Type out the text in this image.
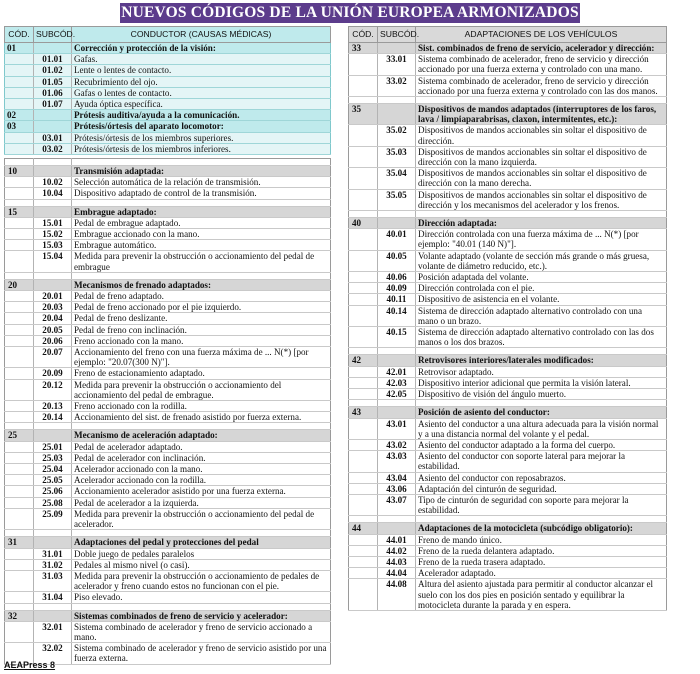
NUEVOS CÓDIGOS DE LA UNIÓN EUROPEA ARMONIZADOS
CÓD.	SUBCÓD.	CONDUCTOR (CAUSAS MÉDICAS)
01		Corrección y protección de la visión:
	01.01	Gafas.
	01.02	Lente o lentes de contacto.
	01.05	Recubrimiento del ojo.
	01.06	Gafas o lentes de contacto.
	01.07	Ayuda óptica específica.
02		Prótesis auditiva/ayuda a la comunicación.
03		Prótesis/órtesis del aparato locomotor:
	03.01	Prótesis/órtesis de los miembros superiores.
	03.02	Prótesis/órtesis de los miembros inferiores.

10		Transmisión adaptada:
	10.02	Selección automática de la relación de transmisión.
	10.04	Dispositivo adaptado de control de la transmisión.

15		Embrague adaptado:
	15.01	Pedal de embrague adaptado.
	15.02	Embrague accionado con la mano.
	15.03	Embrague automático.
	15.04	Medida para prevenir la obstrucción o accionamiento del pedal de embrague

20		Mecanismos de frenado adaptados:
	20.01	Pedal de freno adaptado.
	20.03	Pedal de freno accionado por el pie izquierdo.
	20.04	Pedal de freno deslizante.
	20.05	Pedal de freno con inclinación.
	20.06	Freno accionado con la mano.
	20.07	Accionamiento del freno con una fuerza máxima de ... N(*) [por ejemplo: "20.07(300 N)"].
	20.09	Freno de estacionamiento adaptado.
	20.12	Medida para prevenir la obstrucción o accionamiento del accionamiento del pedal de embrague.
	20.13	Freno accionado con la rodilla.
	20.14	Accionamiento del sist. de frenado asistido por fuerza externa.

25		Mecanismo de aceleración adaptado:
	25.01	Pedal de acelerador adaptado.
	25.03	Pedal de acelerador con inclinación.
	25.04	Acelerador accionado con la mano.
	25.05	Acelerador accionado con la rodilla.
	25.06	Accionamiento acelerador asistido por una fuerza externa.
	25.08	Pedal de acelerador a la izquierda.
	25.09	Medida para prevenir la obstrucción o accionamiento del pedal de acelerador.

31		Adaptaciones del pedal y protecciones del pedal
	31.01	Doble juego de pedales paralelos
	31.02	Pedales al mismo nivel (o casi).
	31.03	Medida para prevenir la obstrucción o accionamiento de pedales de acelerador y freno cuando estos no funcionan con el pie.
	31.04	Piso elevado.

32		Sistemas combinados de freno de servicio y acelerador:
	32.01	Sistema combinado de acelerador y freno de servicio accionado a mano.
	32.02	Sistema combinado de acelerador y freno de servicio asistido por una fuerza externa.
CÓD.	SUBCÓD.	ADAPTACIONES DE LOS VEHÍCULOS
33		Sist. combinados de freno de servicio, acelerador y dirección:
	33.01	Sistema combinado de acelerador, freno de servicio y dirección accionado por una fuerza externa y controlado con una mano.
	33.02	Sistema combinado de acelerador, freno de servicio y dirección accionado por una fuerza externa y controlado con las dos manos.

35		Dispositivos de mandos adaptados (interruptores de los faros, lava / limpiaparabrisas, claxon, intermitentes, etc.):
	35.02	Dispositivos de mandos accionables sin soltar el dispositivo de dirección.
	35.03	Dispositivos de mandos accionables sin soltar el dispositivo de dirección con la mano izquierda.
	35.04	Dispositivos de mandos accionables sin soltar el dispositivo de dirección con la mano derecha.
	35.05	Dispositivos de mandos accionables sin soltar el dispositivo de dirección y los mecanismos del acelerador y los frenos.

40		Dirección adaptada:
	40.01	Dirección controlada con una fuerza máxima de ... N(*) [por ejemplo: "40.01 (140 N)"].
	40.05	Volante adaptado (volante de sección más grande o más gruesa, volante de diámetro reducido, etc.).
	40.06	Posición adaptada del volante.
	40.09	Dirección controlada con el pie.
	40.11	Dispositivo de asistencia en el volante.
	40.14	Sistema de dirección adaptado alternativo controlado con una mano o un brazo.
	40.15	Sistema de dirección adaptado alternativo controlado con las dos manos o los dos brazos.

42		Retrovisores interiores/laterales modificados:
	42.01	Retrovisor adaptado.
	42.03	Dispositivo interior adicional que permita la visión lateral.
	42.05	Dispositivo de visión del ángulo muerto.

43		Posición de asiento del conductor:
	43.01	Asiento del conductor a una altura adecuada para la visión normal y a una distancia normal del volante y el pedal.
	43.02	Asiento del conductor adaptado a la forma del cuerpo.
	43.03	Asiento del conductor con soporte lateral para mejorar la estabilidad.
	43.04	Asiento del conductor con reposabrazos.
	43.06	Adaptación del cinturón de seguridad.
	43.07	Tipo de cinturón de seguridad con soporte para mejorar la estabilidad.

44		Adaptaciones de la motocicleta (subcódigo obligatorio):
	44.01	Freno de mando único.
	44.02	Freno de la rueda delantera adaptado.
	44.03	Freno de la rueda trasera adaptado.
	44.04	Acelerador adaptado.
	44.08	Altura del asiento ajustada para permitir al conductor alcanzar el suelo con los dos pies en posición sentado y equilibrar la motocicleta durante la parada y en espera.
AEAPress 8
